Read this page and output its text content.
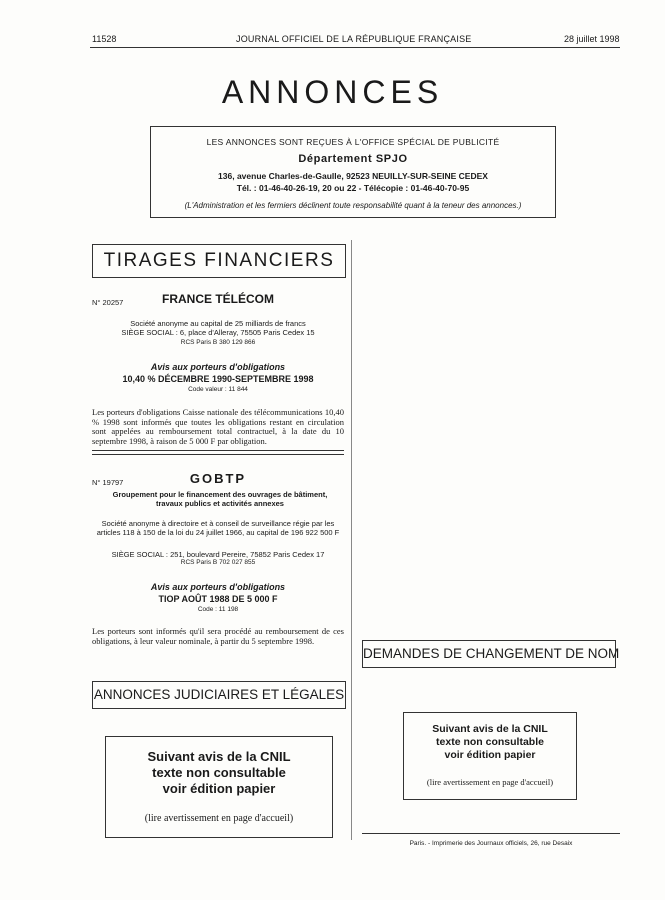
11528	JOURNAL OFFICIEL DE LA RÉPUBLIQUE FRANÇAISE	28 juillet 1998
ANNONCES
LES ANNONCES SONT REÇUES À L'OFFICE SPÉCIAL DE PUBLICITÉ
Département SPJO
136, avenue Charles-de-Gaulle, 92523 NEUILLY-SUR-SEINE CEDEX
Tél. : 01-46-40-26-19, 20 ou 22 - Télécopie : 01-46-40-70-95
(L'Administration et les fermiers déclinent toute responsabilité quant à la teneur des annonces.)
TIRAGES FINANCIERS
N° 20257	FRANCE TÉLÉCOM
Société anonyme au capital de 25 milliards de francs
SIÈGE SOCIAL : 6, place d'Alleray, 75505 Paris Cedex 15
RCS Paris B 380 129 866
Avis aux porteurs d'obligations
10,40 % DÉCEMBRE 1990-SEPTEMBRE 1998
Code valeur : 11 844
Les porteurs d'obligations Caisse nationale des télécommunications 10,40 % 1998 sont informés que toutes les obligations restant en circulation sont appelées au remboursement total contractuel, à la date du 10 septembre 1998, à raison de 5 000 F par obligation.
N° 19797	GOBTP
Groupement pour le financement des ouvrages de bâtiment, travaux publics et activités annexes
Société anonyme à directoire et à conseil de surveillance régie par les articles 118 à 150 de la loi du 24 juillet 1966, au capital de 196 922 500 F
SIÈGE SOCIAL : 251, boulevard Pereire, 75852 Paris Cedex 17
RCS Paris B 702 027 855
Avis aux porteurs d'obligations
TIOP AOÛT 1988 DE 5 000 F
Code : 11 198
Les porteurs sont informés qu'il sera procédé au remboursement de ces obligations, à leur valeur nominale, à partir du 5 septembre 1998.
ANNONCES JUDICIAIRES ET LÉGALES
Suivant avis de la CNIL
texte non consultable
voir édition papier
(lire avertissement en page d'accueil)
DEMANDES DE CHANGEMENT DE NOM
Suivant avis de la CNIL
texte non consultable
voir édition papier
(lire avertissement en page d'accueil)
Paris. - Imprimerie des Journaux officiels, 26, rue Desaix
